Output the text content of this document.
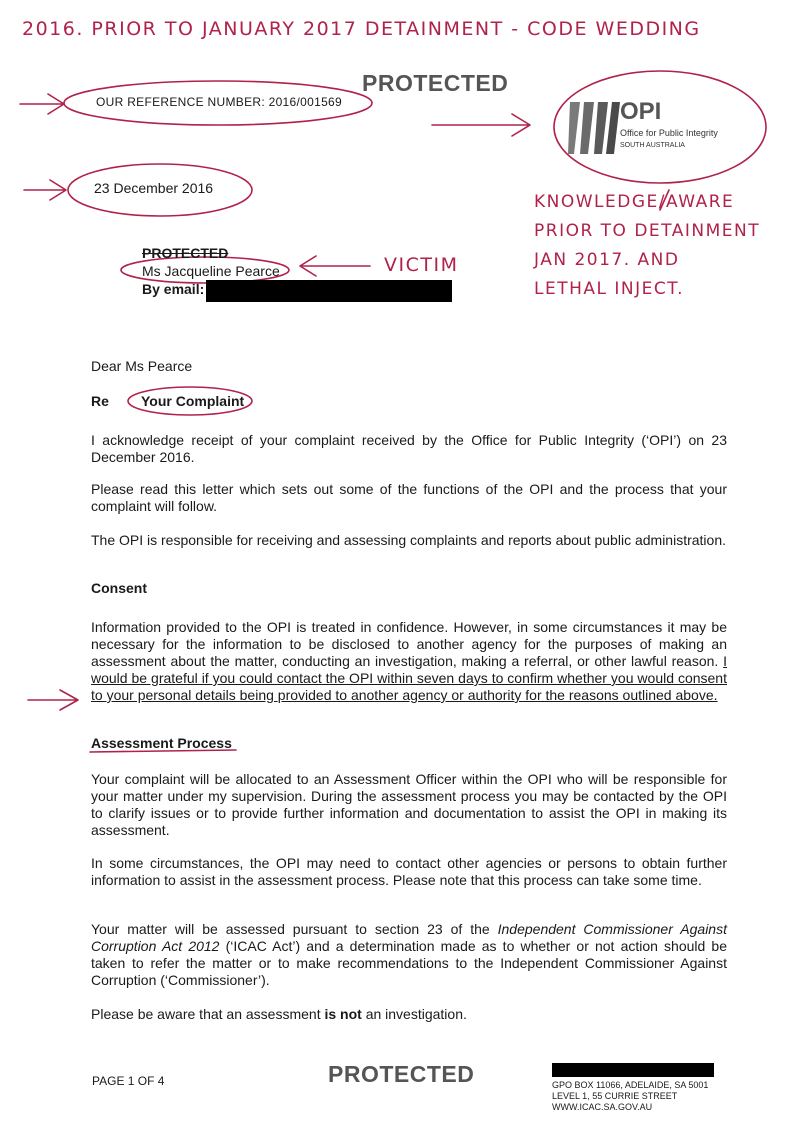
2016. PRIOR TO JANUARY 2017 DETAINMENT - CODE WEDDING
PROTECTED
OUR REFERENCE NUMBER: 2016/001569
23 December 2016
OPI
Office for Public Integrity
SOUTH AUSTRALIA
KNOWLEDGE/AWARE
PRIOR TO DETAINMENT
JAN 2017. AND
LETHAL INJECT.
PROTECTED
Ms Jacqueline Pearce
By email:
VICTIM
Dear Ms Pearce
Re Your Complaint
I acknowledge receipt of your complaint received by the Office for Public Integrity (‘OPI’) on 23 December 2016.
Please read this letter which sets out some of the functions of the OPI and the process that your complaint will follow.
The OPI is responsible for receiving and assessing complaints and reports about public administration.
Consent
Information provided to the OPI is treated in confidence. However, in some circumstances it may be necessary for the information to be disclosed to another agency for the purposes of making an assessment about the matter, conducting an investigation, making a referral, or other lawful reason. I would be grateful if you could contact the OPI within seven days to confirm whether you would consent to your personal details being provided to another agency or authority for the reasons outlined above.
Assessment Process
Your complaint will be allocated to an Assessment Officer within the OPI who will be responsible for your matter under my supervision. During the assessment process you may be contacted by the OPI to clarify issues or to provide further information and documentation to assist the OPI in making its assessment.
In some circumstances, the OPI may need to contact other agencies or persons to obtain further information to assist in the assessment process. Please note that this process can take some time.
Your matter will be assessed pursuant to section 23 of the Independent Commissioner Against Corruption Act 2012 (‘ICAC Act’) and a determination made as to whether or not action should be taken to refer the matter or to make recommendations to the Independent Commissioner Against Corruption (‘Commissioner’).
Please be aware that an assessment is not an investigation.
PAGE 1 OF 4	PROTECTED	GPO BOX 11066, ADELAIDE, SA 5001
LEVEL 1, 55 CURRIE STREET
WWW.ICAC.SA.GOV.AU
